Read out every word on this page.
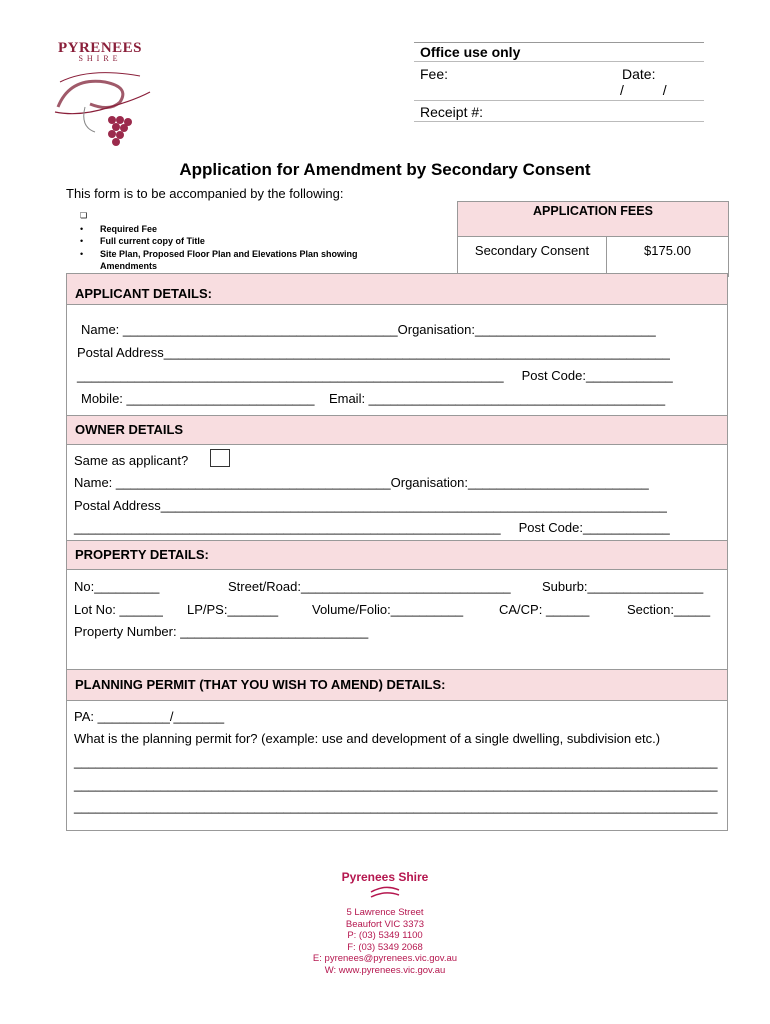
PYRENEES
SHIRE	Office use only
Fee:	Date:
/          /
Receipt #:
Application for Amendment by Secondary Consent
This form is to be accompanied by the following:
❏
•	Required Fee
•	Full current copy of Title
•	Site Plan, Proposed Floor Plan and Elevations Plan showing
Amendments
APPLICATION FEES
Secondary Consent	$175.00
APPLICANT DETAILS:
Name: ______________________________________Organisation:_________________________
Postal Address______________________________________________________________________
___________________________________________________________     Post Code:____________
Mobile: __________________________    Email: _________________________________________
OWNER DETAILS
Same as applicant?
Name: ______________________________________Organisation:_________________________
Postal Address______________________________________________________________________
___________________________________________________________     Post Code:____________
PROPERTY DETAILS:
No:_________	Street/Road:_____________________________ Suburb:________________
Lot No: ______ LP/PS:_______	Volume/Folio:__________	CA/CP: ______	Section:_____
Property Number: __________________________
PLANNING PERMIT (THAT YOU WISH TO AMEND) DETAILS:
PA: __________/_______
What is the planning permit for? (example: use and development of a single dwelling, subdivision etc.)
_________________________________________________________________________________________
_________________________________________________________________________________________
_________________________________________________________________________________________
Pyrenees Shire
5 Lawrence Street
Beaufort VIC 3373
P: (03) 5349 1100
F: (03) 5349 2068
E: pyrenees@pyrenees.vic.gov.au
W: www.pyrenees.vic.gov.au
